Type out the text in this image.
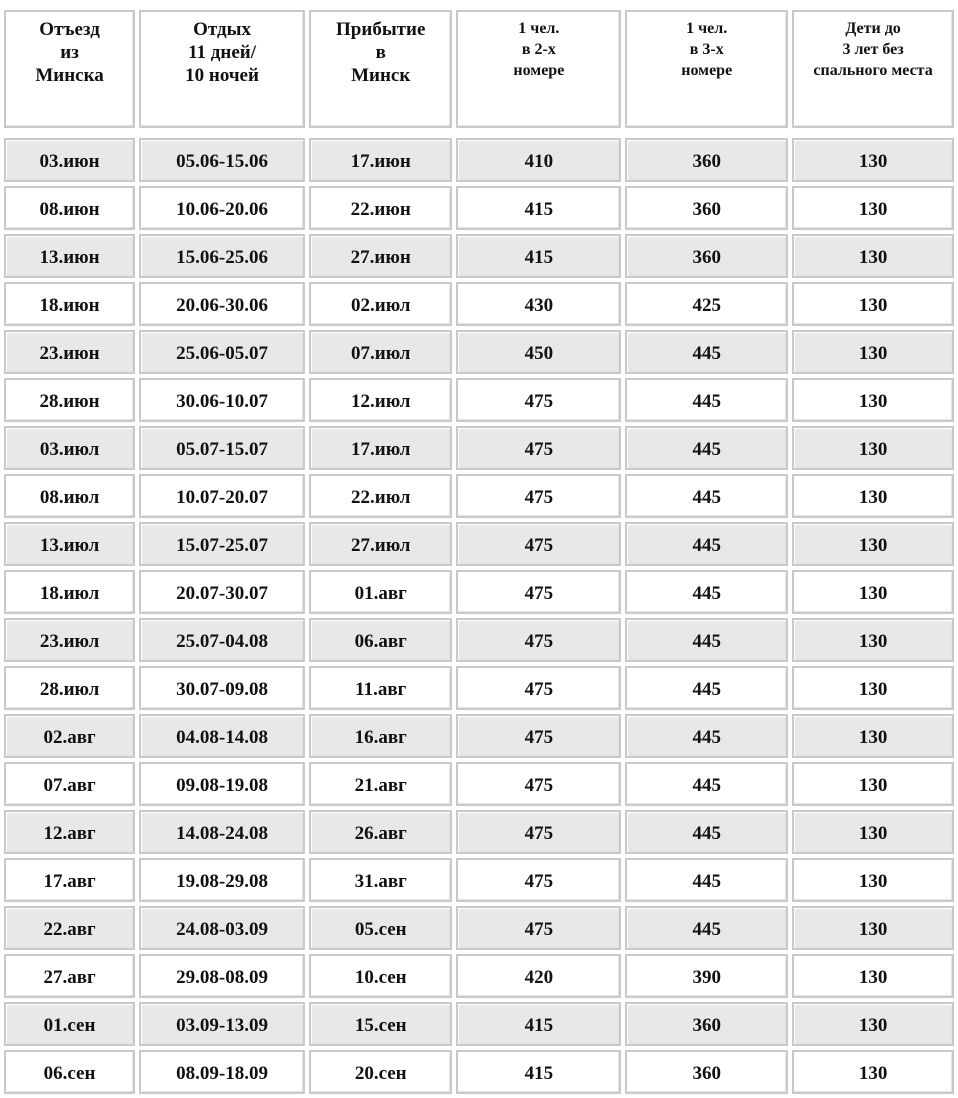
Отъезд
из
Минска	Отдых
11 дней/
10 ночей	Прибытие
в
Минск	1 чел.
в 2-х
номере	1 чел.
в 3-х
номере	Дети до
3 лет без
спального места

03.июн	05.06-15.06	17.июн	410	360	130
08.июн	10.06-20.06	22.июн	415	360	130
13.июн	15.06-25.06	27.июн	415	360	130
18.июн	20.06-30.06	02.июл	430	425	130
23.июн	25.06-05.07	07.июл	450	445	130
28.июн	30.06-10.07	12.июл	475	445	130
03.июл	05.07-15.07	17.июл	475	445	130
08.июл	10.07-20.07	22.июл	475	445	130
13.июл	15.07-25.07	27.июл	475	445	130
18.июл	20.07-30.07	01.авг	475	445	130
23.июл	25.07-04.08	06.авг	475	445	130
28.июл	30.07-09.08	11.авг	475	445	130
02.авг	04.08-14.08	16.авг	475	445	130
07.авг	09.08-19.08	21.авг	475	445	130
12.авг	14.08-24.08	26.авг	475	445	130
17.авг	19.08-29.08	31.авг	475	445	130
22.авг	24.08-03.09	05.сен	475	445	130
27.авг	29.08-08.09	10.сен	420	390	130
01.сен	03.09-13.09	15.сен	415	360	130
06.сен	08.09-18.09	20.сен	415	360	130
